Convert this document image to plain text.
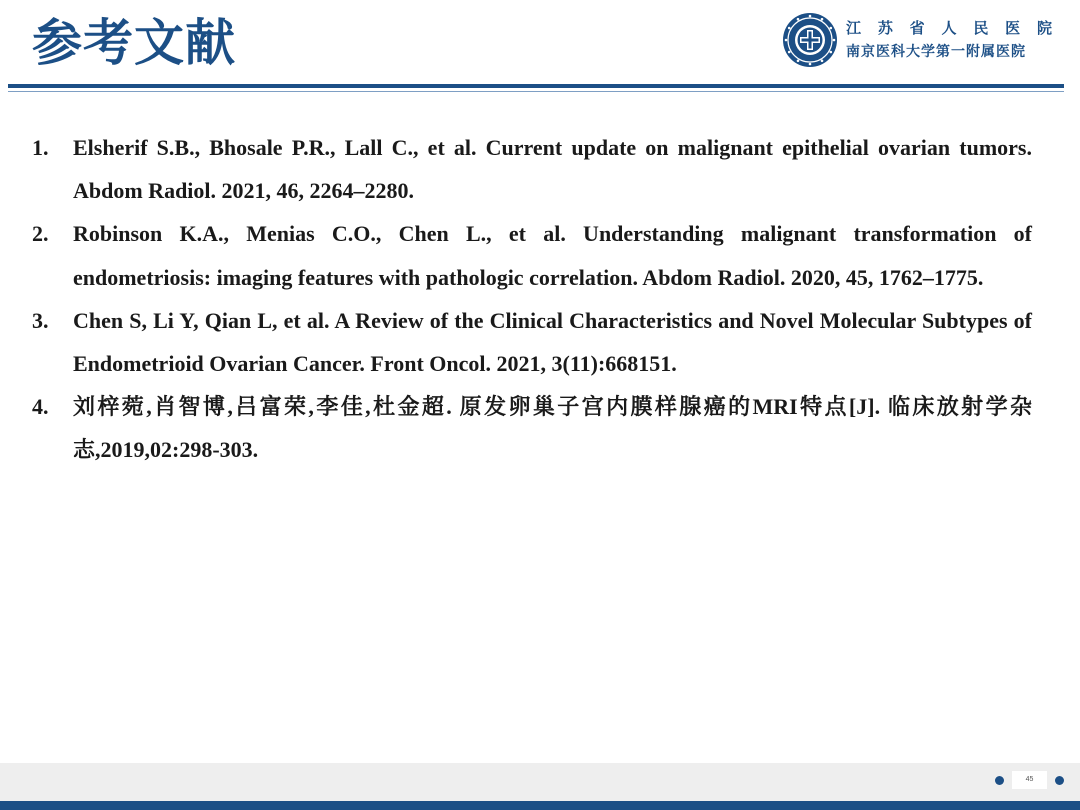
参考文献	江 苏 省 人 民 医 院
南京医科大学第一附属医院
1.	Elsherif S.B., Bhosale P.R., Lall C., et al. Current update on malignant epithelial ovarian tumors. Abdom Radiol. 2021, 46, 2264–2280.
2.	Robinson K.A., Menias C.O., Chen L., et al. Understanding malignant transformation of endometriosis: imaging features with pathologic correlation. Abdom Radiol. 2020, 45, 1762–1775.
3.	Chen S, Li Y, Qian L, et al. A Review of the Clinical Characteristics and Novel Molecular Subtypes of Endometrioid Ovarian Cancer. Front Oncol. 2021, 3(11):668151.
4.	刘梓菀,肖智博,吕富荣,李佳,杜金超. 原发卵巢子宫内膜样腺癌的MRI特点[J]. 临床放射学杂志,2019,02:298-303.
45
